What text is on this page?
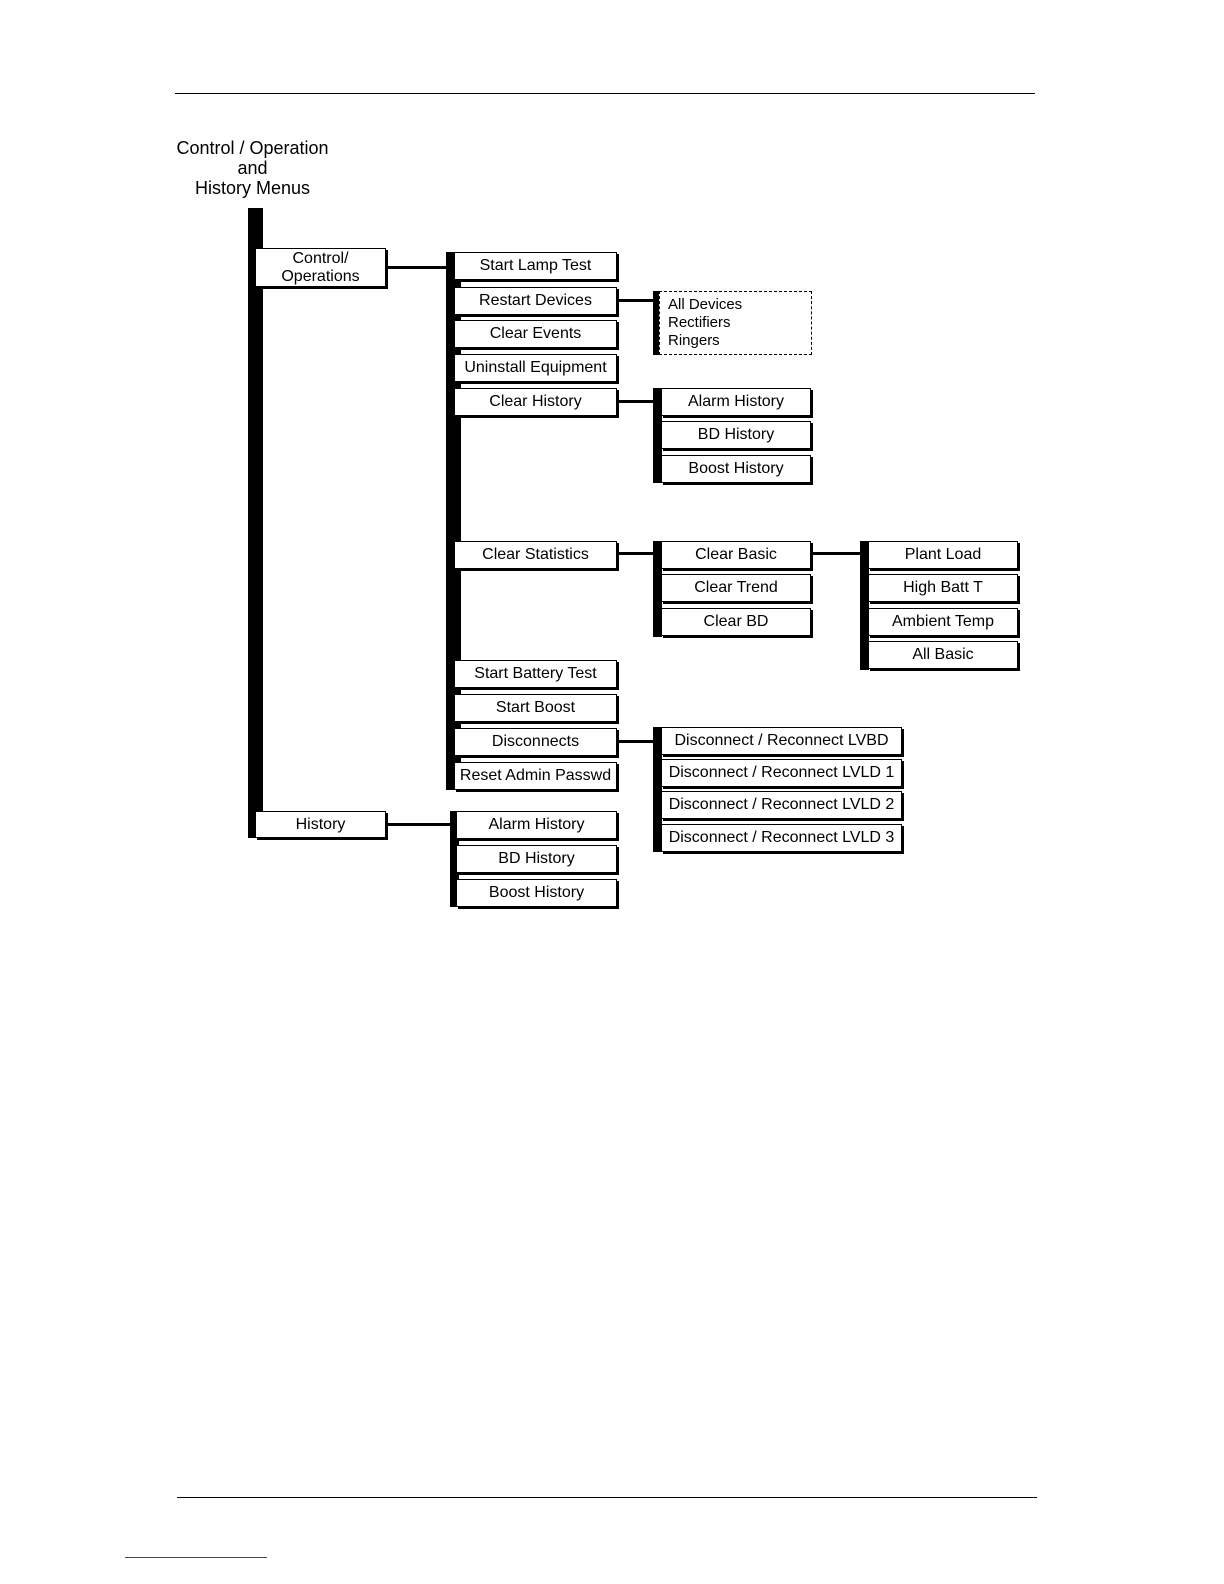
Control / Operation
and
History Menus
Control/
Operations
History
Start Lamp Test
Restart Devices
Clear Events
Uninstall Equipment
Clear History
Clear Statistics
Start Battery Test
Start Boost
Disconnects
Reset Admin Passwd
All Devices
Rectifiers
Ringers
Alarm History
BD History
Boost History
Clear Basic
Clear Trend
Clear BD
Plant Load
High Batt T
Ambient Temp
All Basic
Disconnect / Reconnect LVBD
Disconnect / Reconnect LVLD 1
Disconnect / Reconnect LVLD 2
Disconnect / Reconnect LVLD 3
Alarm History
BD History
Boost History
